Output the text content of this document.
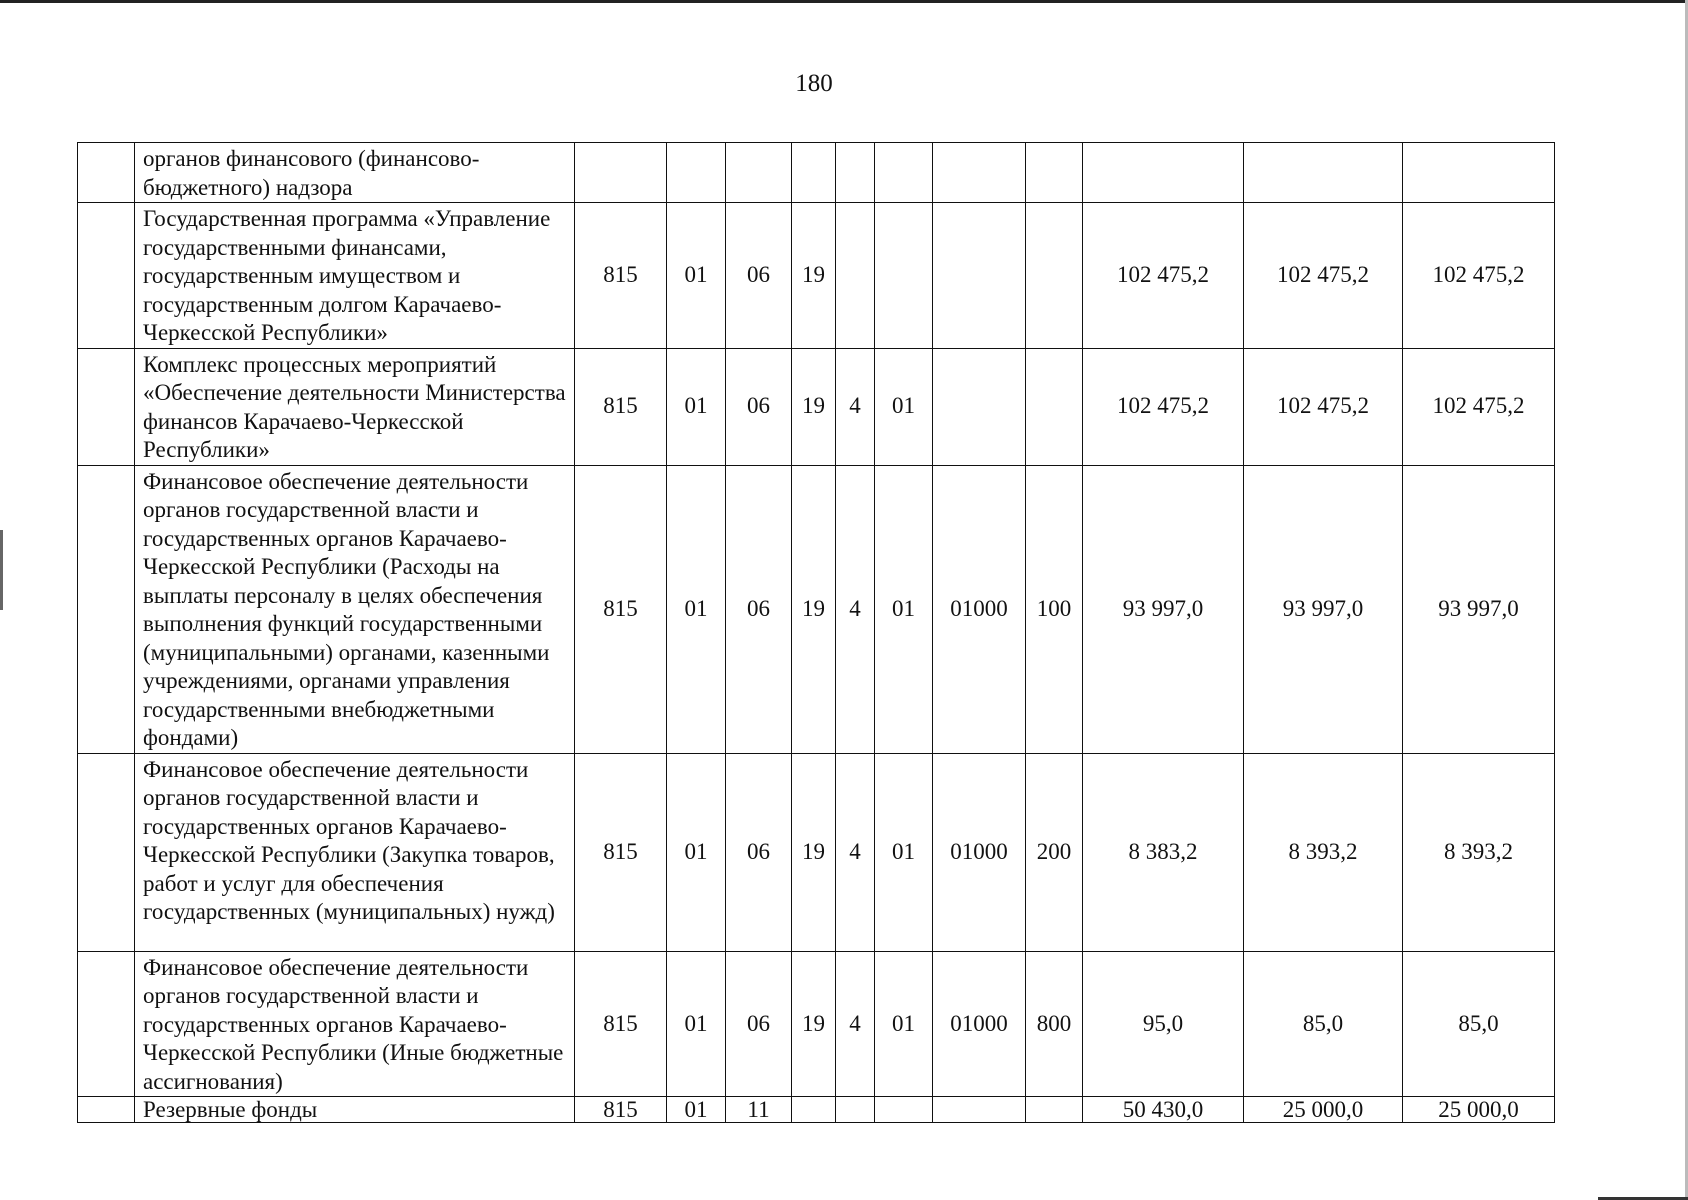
180
	органов финансового (финансово-бюджетного) надзора											
	Государственная программа «Управление государственными финансами, государственным имуществом и государственным долгом Карачаево-Черкесской Республики»	815	01	06	19					102 475,2	102 475,2	102 475,2
	Комплекс процессных мероприятий «Обеспечение деятельности Министерства финансов Карачаево-Черкесской Республики»	815	01	06	19	4	01			102 475,2	102 475,2	102 475,2
	Финансовое обеспечение деятельности органов государственной власти и государственных органов Карачаево-Черкесской Республики (Расходы на выплаты персоналу в целях обеспечения выполнения функций государственными (муниципальными) органами, казенными учреждениями, органами управления государственными внебюджетными фондами)	815	01	06	19	4	01	01000	100	93 997,0	93 997,0	93 997,0
	Финансовое обеспечение деятельности органов государственной власти и государственных органов Карачаево-Черкесской Республики (Закупка товаров, работ и услуг для обеспечения государственных (муниципальных) нужд)	815	01	06	19	4	01	01000	200	8 383,2	8 393,2	8 393,2
	Финансовое обеспечение деятельности органов государственной власти и государственных органов Карачаево-Черкесской Республики (Иные бюджетные ассигнования)	815	01	06	19	4	01	01000	800	95,0	85,0	85,0
	Резервные фонды	815	01	11						50 430,0	25 000,0	25 000,0
